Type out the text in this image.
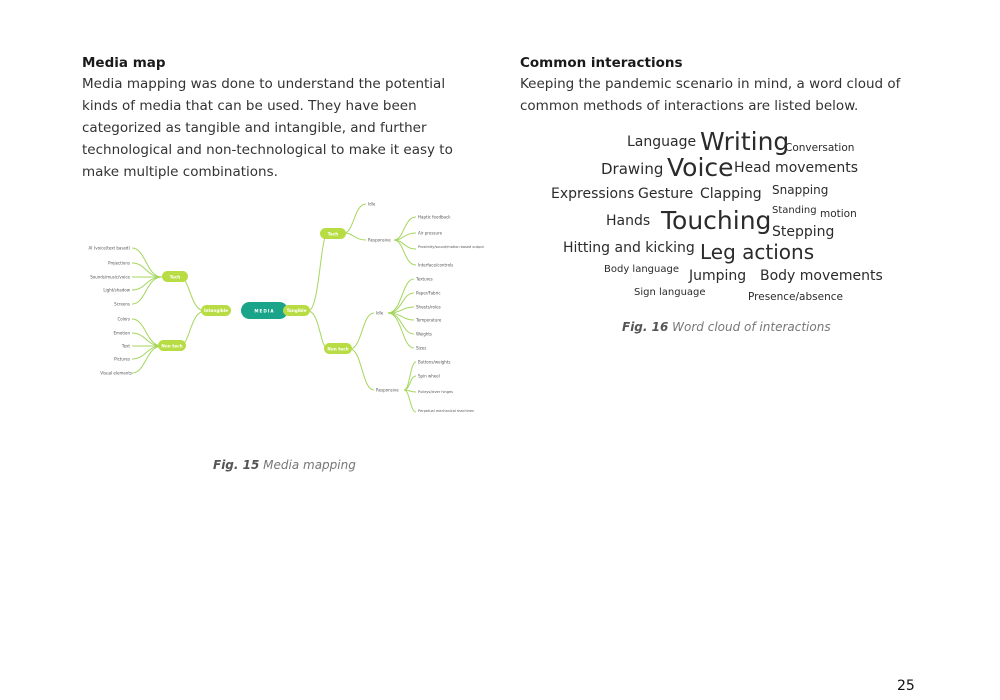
Media map

Media mapping was done to understand the potential kinds of media that can be used. They have been categorized as tangible and intangible, and further technological and non-technological to make it easy to make multiple combinations.

MEDIA
Intangible	Tangible
Tech
Non tech
Tech
Non tech
AI (voice/text based)
Projections
Sounds/music/voice
Light/shadow
Screens
Colors
Emotion
Text
Pictures
Visual elements
Idle
Responsive
Haptic feedback
Air pressure
Proximity/sound/motion based output
Interface/controls
Idle
Textures
Paper/Fabric
Sheets/roles
Temperature
Weights
Sizes
Responsive
Buttons/weights
Spin wheel
Pulleys/lever hinges
Perpetual mechanical machines
Fig. 15 Media mapping
Common interactions

Keeping the pandemic scenario in mind, a word cloud of common methods of interactions are listed below.

Language Writing
Conversation
Drawing Voice Head movements
Expressions Gesture Clapping Snapping
Standing motion
Hands Touching Stepping
Hitting and kicking Leg actions
Body language Jumping Body movements
Sign language	Presence/absence
Fig. 16 Word cloud of interactions
25
